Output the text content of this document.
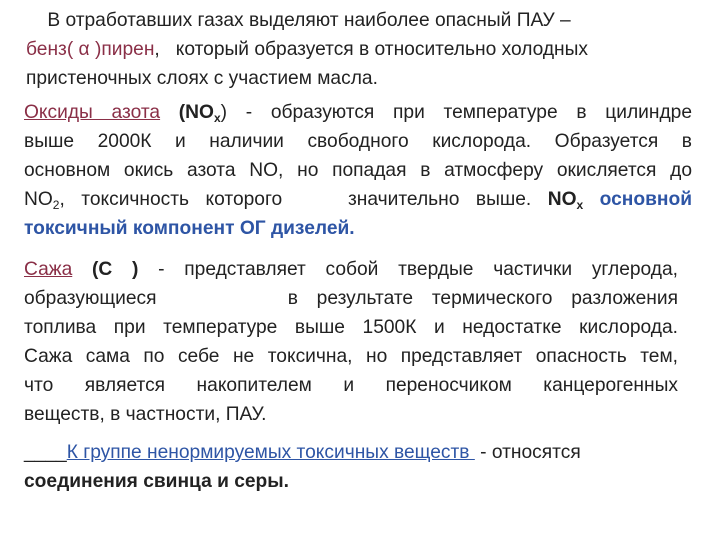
В отработавших газах выделяют наиболее опасный ПАУ –
бенз( α )пирен,   который образуется в относительно холодных
пристеночных слоях с участием масла.
Оксиды азота $(NO_x)$ - образуются при температуре в цилиндре
выше 2000К и наличии свободного кислорода. Образуется в
основном окись азота NO, но попадая в атмосферу окисляется до
$NO_2$, токсичность которого    значительно выше. $NO_x$ основной
токсичный компонент ОГ дизелей.
Сажа (С ) - представляет собой твердые частички углерода,
образующиеся       в результате термического разложения
топлива при температуре выше 1500К и недостатке кислорода.
Сажа сама по себе не токсична, но представляет опасность тем,
что является накопителем и переносчиком канцерогенных
веществ, в частности, ПАУ.
____К группе ненормируемых токсичных веществ  - относятся
соединения свинца и серы.
